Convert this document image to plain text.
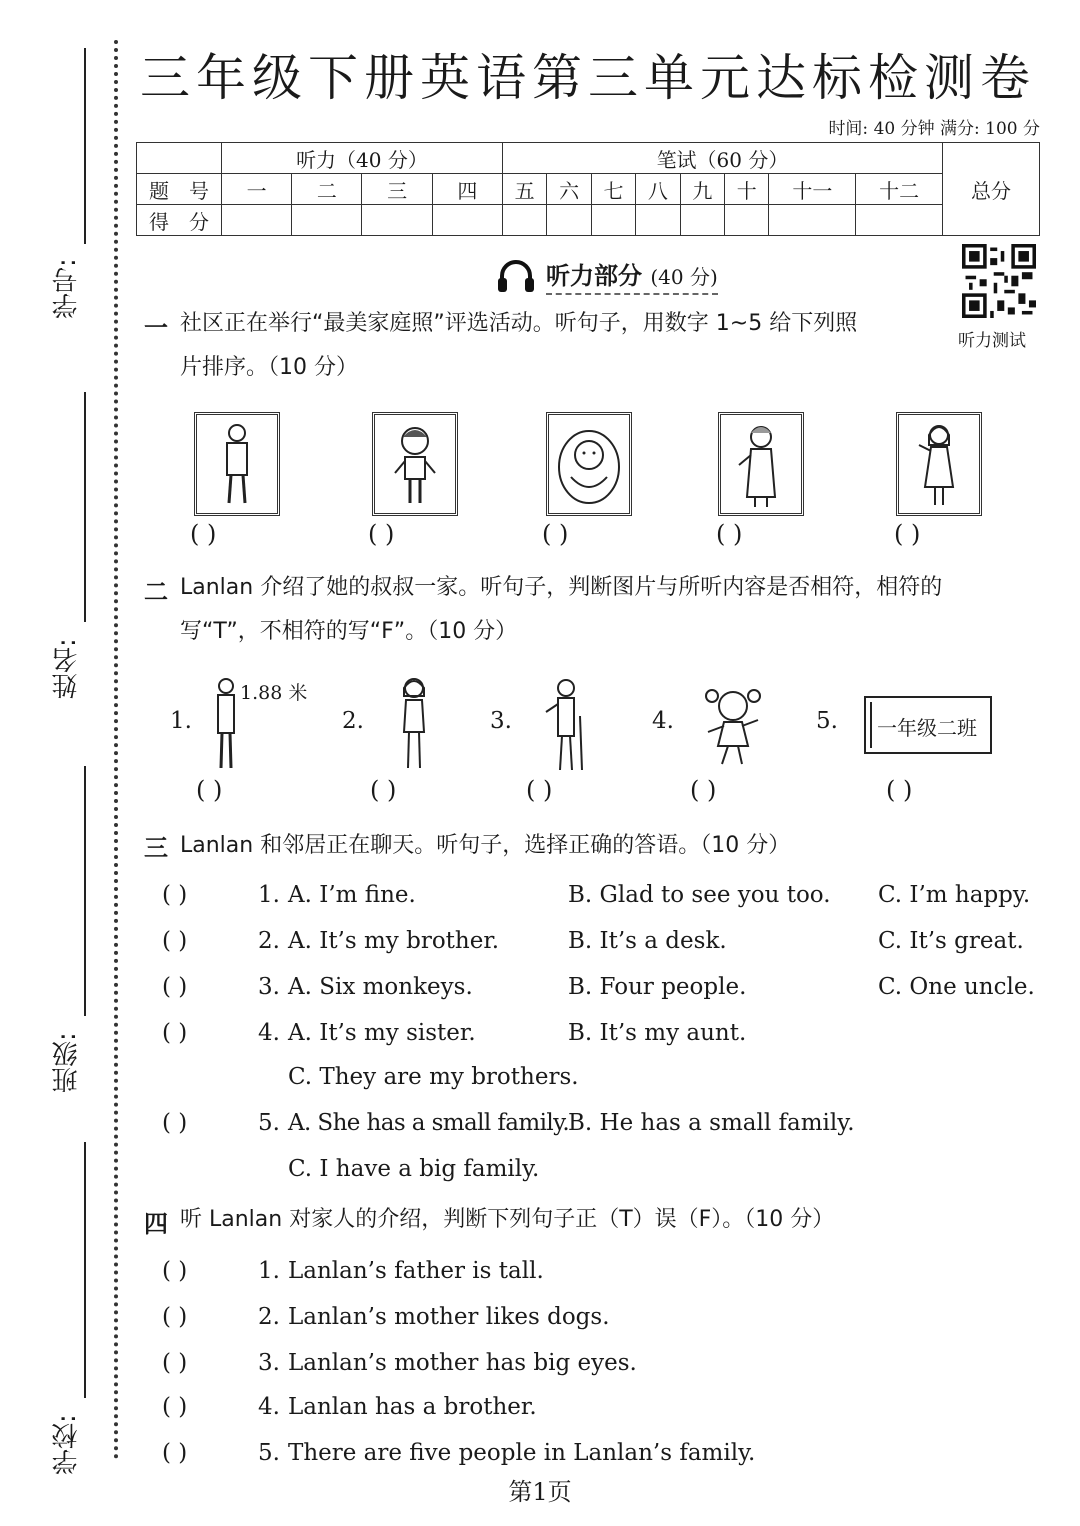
学号:
姓名:
班级:
学校:
三年级下册英语第三单元达标检测卷
时间: 40 分钟 满分: 100 分
	听力（40 分）				笔试（60 分）								总分
题　号	一	二	三	四	五	六	七	八	九	十	十一	十二	
得　分													
听力部分 (40 分)
听力测试
一 社区正在举行“最美家庭照”评选活动。听句子，用数字 1~5 给下列照
片排序。（10 分）
( )	( )	( )	( )	( )
二 Lanlan 介绍了她的叔叔一家。听句子，判断图片与所听内容是否相符，相符的
写“T”，不相符的写“F”。（10 分）
1.
1.88 米
2.	3.	4.	5.	一年级二班
( )	( )	( )	( )	( )
三 Lanlan 和邻居正在聊天。听句子，选择正确的答语。（10 分）
( )	1. A. I’m fine.	B. Glad to see you too. C. I’m happy.
( )	2. A. It’s my brother.	B. It’s a desk.	C. It’s great.
( )	3. A. Six monkeys.	B. Four people.	C. One uncle.
( )	4. A. It’s my sister.	B. It’s my aunt.
C. They are my brothers.
( )	5. A. She has a small family.
B. He has a small family.
C. I have a big family.
四 听 Lanlan 对家人的介绍，判断下列句子正（T）误（F）。（10 分）
( )	1. Lanlan’s father is tall.
( )	2. Lanlan’s mother likes dogs.
( )	3. Lanlan’s mother has big eyes.
( )	4. Lanlan has a brother.
( )	5. There are five people in Lanlan’s family.
第1页
